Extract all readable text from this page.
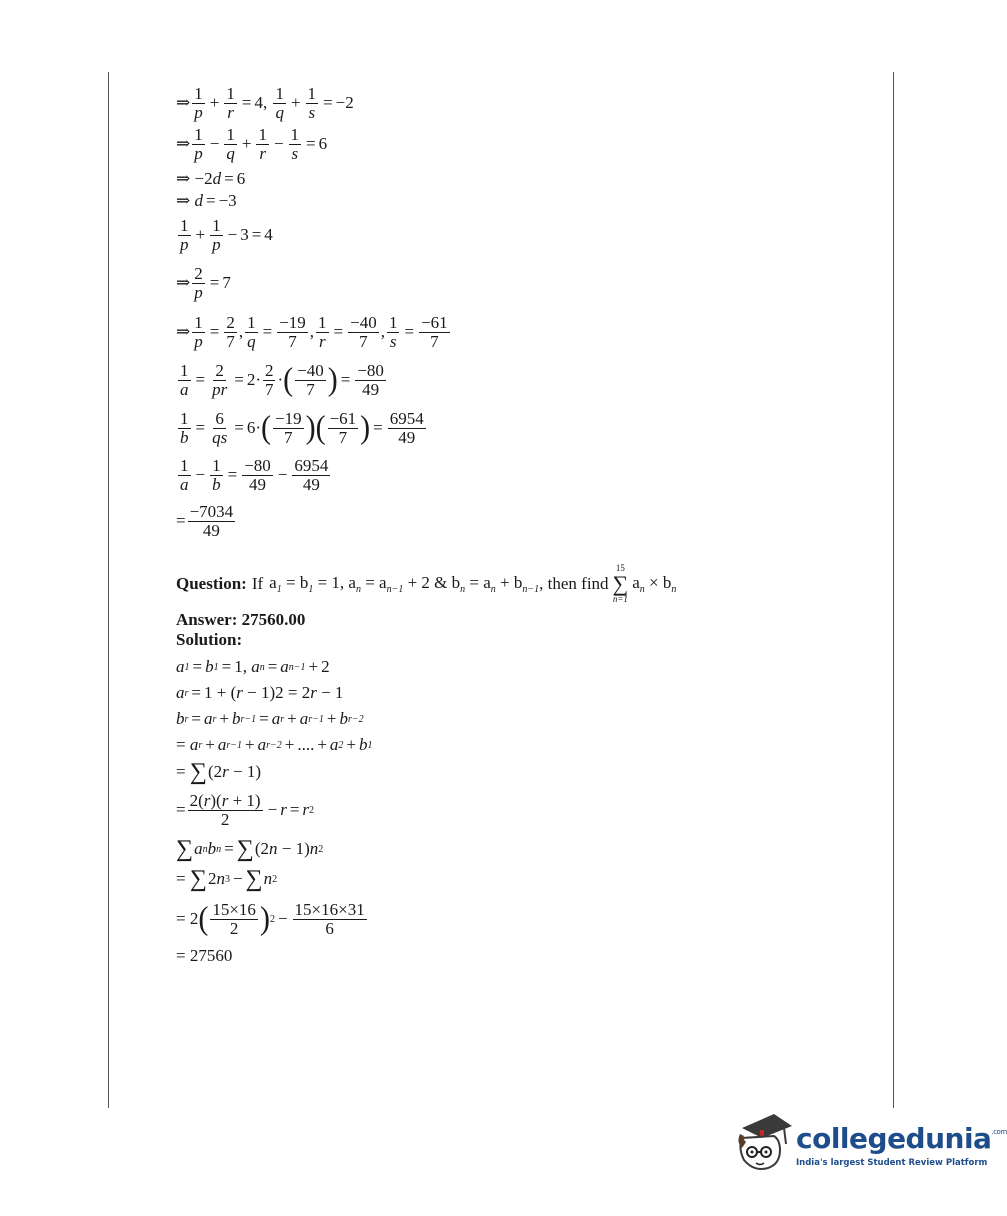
⇒ $\frac{1}{p} + \frac{1}{r} = 4$, $\frac{1}{q} + \frac{1}{s} = -2$
⇒ $\frac{1}{p} - \frac{1}{q} + \frac{1}{r} - \frac{1}{s} = 6$
⇒ −2 d = 6
⇒ d = −3
$\frac{1}{p} + \frac{1}{p} - 3 = 4$
⇒ $\frac{2}{p} = 7$
⇒ $\frac{1}{p} = \frac{2}{7}$ , $\frac{1}{q} = \frac{-19}{7}$ , $\frac{1}{r} = \frac{-40}{7}$ , $\frac{1}{s} = \frac{-61}{7}$
$\frac{1}{a} = \frac{2}{pr} = 2\cdot \frac{2}{7}$ · ( $\frac{-40}{7}$ ) = $\frac{-80}{49}$
$\frac{1}{b} = \frac{6}{qs} = 6\cdot$ ( $\frac{-19}{7}$ ) ( $\frac{-61}{7}$ ) = $\frac{6954}{49}$
$\frac{1}{a} - \frac{1}{b} = \frac{-80}{49} - \frac{6954}{49}$
= $\frac{-7034}{49}$
Question: If $a_1 = b_1 = 1$, $a_n = a_{n-1} + 2$ & $b_n = a_n + b_{n-1}$ , then find
15
∑
n=1
$a_n \times b_n$
Answer: 27560.00
Solution:
a 1 = b 1 = 1, a n = a n−1 + 2
a r = 1 + ( r − 1)2 = 2 r − 1
b r = a r + b r−1 = a r + a r−1 + b r−2
= a r + a r−1 + a r−2 + .... + a 2 + b 1
= ∑ (2 r − 1)
= $\frac{2(r)(r + 1)}{2} - r = r$ 2
∑ a n b n = ∑ (2 n − 1) n 2
= ∑ 2 n 3 − ∑ n 2
= 2 ( $\frac{15\times 16}{2}$ ) $2 - \frac{15\times 16\times 31}{6}$
= 27560
collegedunia$^{.com}$
India's largest Student Review Platform
